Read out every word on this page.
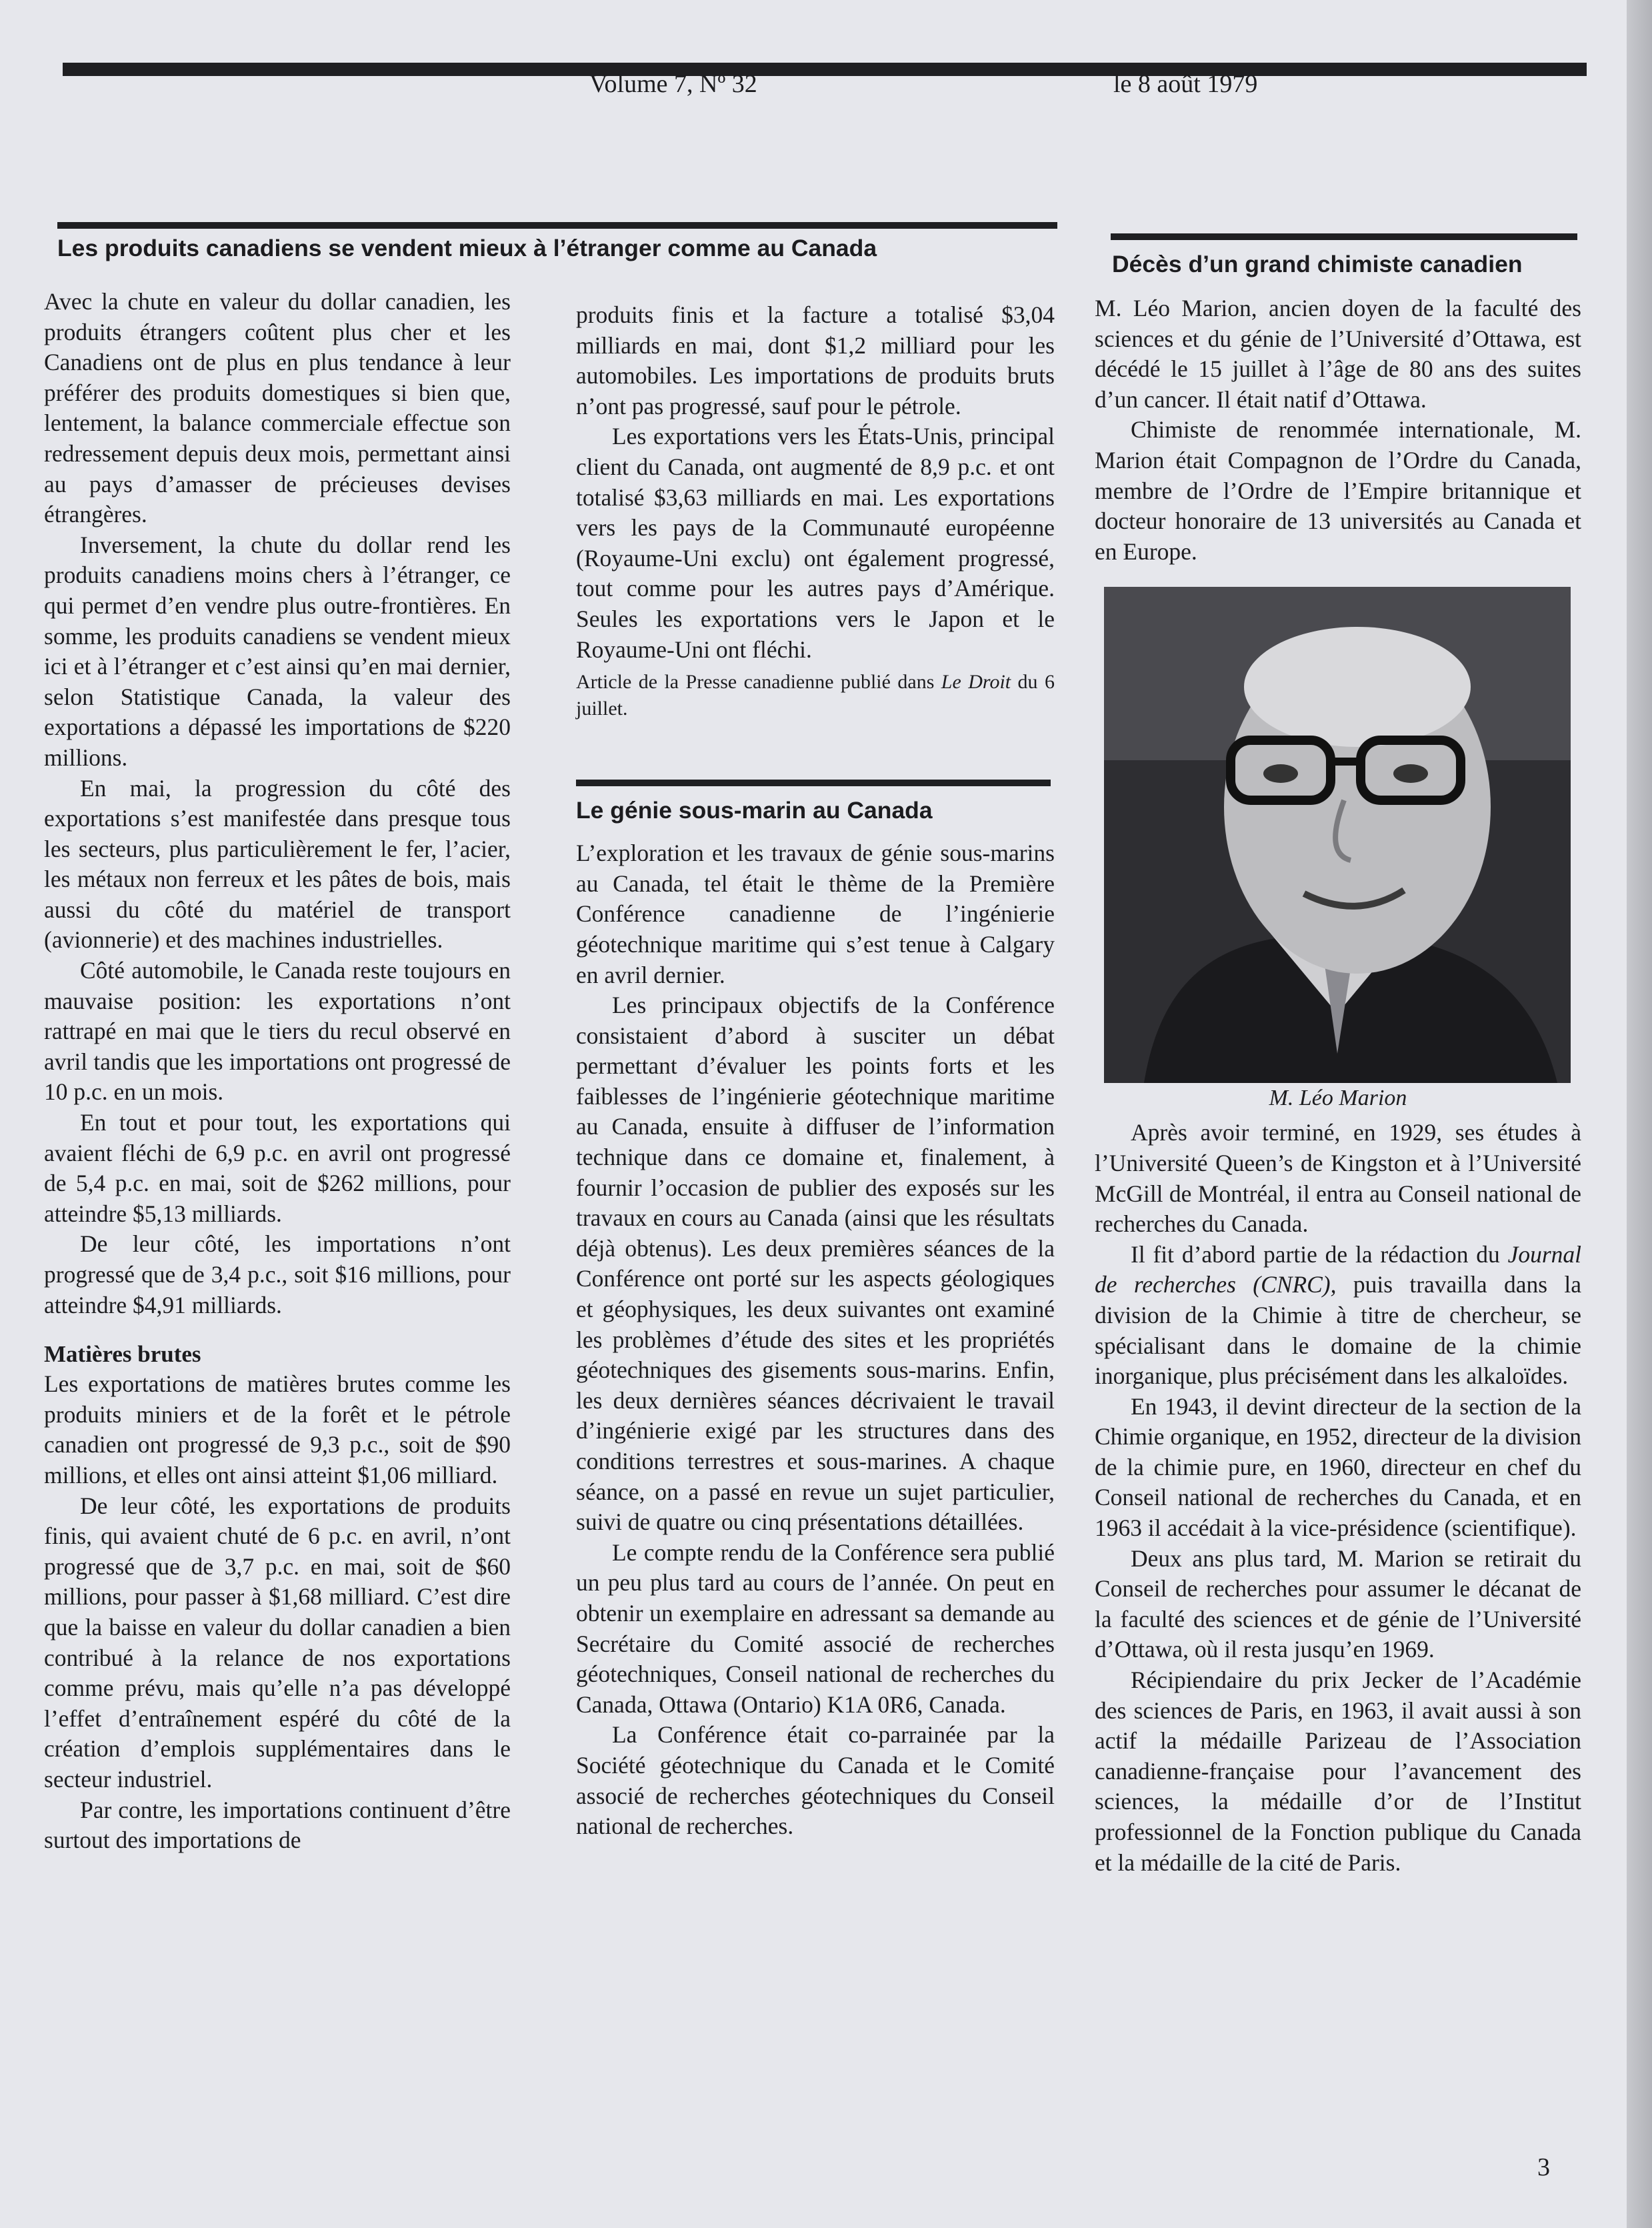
Volume 7, Nº 32	le 8 août 1979
Les produits canadiens se vendent mieux à l’étranger comme au Canada

Avec la chute en valeur du dollar canadien, les produits étrangers coûtent plus cher et les Canadiens ont de plus en plus tendance à leur préférer des produits domestiques si bien que, lentement, la balance commerciale effectue son redressement depuis deux mois, permettant ainsi au pays d’amasser de précieuses devises étrangères.

Inversement, la chute du dollar rend les produits canadiens moins chers à l’étranger, ce qui permet d’en vendre plus outre-frontières. En somme, les produits canadiens se vendent mieux ici et à l’étranger et c’est ainsi qu’en mai dernier, selon Statistique Canada, la valeur des exportations a dépassé les importations de $220 millions.

En mai, la progression du côté des exportations s’est manifestée dans presque tous les secteurs, plus particulièrement le fer, l’acier, les métaux non ferreux et les pâtes de bois, mais aussi du côté du matériel de transport (avionnerie) et des machines industrielles.

Côté automobile, le Canada reste toujours en mauvaise position: les exportations n’ont rattrapé en mai que le tiers du recul observé en avril tandis que les importations ont progressé de 10 p.c. en un mois.

En tout et pour tout, les exportations qui avaient fléchi de 6,9 p.c. en avril ont progressé de 5,4 p.c. en mai, soit de $262 millions, pour atteindre $5,13 milliards.

De leur côté, les importations n’ont progressé que de 3,4 p.c., soit $16 millions, pour atteindre $4,91 milliards.

Matières brutes

Les exportations de matières brutes comme les produits miniers et de la forêt et le pétrole canadien ont progressé de 9,3 p.c., soit de $90 millions, et elles ont ainsi atteint $1,06 milliard.

De leur côté, les exportations de produits finis, qui avaient chuté de 6 p.c. en avril, n’ont progressé que de 3,7 p.c. en mai, soit de $60 millions, pour passer à $1,68 milliard. C’est dire que la baisse en valeur du dollar canadien a bien contribué à la relance de nos exportations comme prévu, mais qu’elle n’a pas développé l’effet d’entraînement espéré du côté de la création d’emplois supplémentaires dans le secteur industriel.

Par contre, les importations continuent d’être surtout des importations de

produits finis et la facture a totalisé $3,04 milliards en mai, dont $1,2 milliard pour les automobiles. Les importations de produits bruts n’ont pas progressé, sauf pour le pétrole.

Les exportations vers les États-Unis, principal client du Canada, ont augmenté de 8,9 p.c. et ont totalisé $3,63 milliards en mai. Les exportations vers les pays de la Communauté européenne (Royaume-Uni exclu) ont également progressé, tout comme pour les autres pays d’Amérique. Seules les exportations vers le Japon et le Royaume-Uni ont fléchi.

Article de la Presse canadienne publié dans Le Droit du 6 juillet.

Le génie sous-marin au Canada

L’exploration et les travaux de génie sous-marins au Canada, tel était le thème de la Première Conférence canadienne de l’ingénierie géotechnique maritime qui s’est tenue à Calgary en avril dernier.

Les principaux objectifs de la Conférence consistaient d’abord à susciter un débat permettant d’évaluer les points forts et les faiblesses de l’ingénierie géotechnique maritime au Canada, ensuite à diffuser de l’information technique dans ce domaine et, finalement, à fournir l’occasion de publier des exposés sur les travaux en cours au Canada (ainsi que les résultats déjà obtenus). Les deux premières séances de la Conférence ont porté sur les aspects géologiques et géophysiques, les deux suivantes ont examiné les problèmes d’étude des sites et les propriétés géotechniques des gisements sous-marins. Enfin, les deux dernières séances décrivaient le travail d’ingénierie exigé par les structures dans des conditions terrestres et sous-marines. A chaque séance, on a passé en revue un sujet particulier, suivi de quatre ou cinq présentations détaillées.

Le compte rendu de la Conférence sera publié un peu plus tard au cours de l’année. On peut en obtenir un exemplaire en adressant sa demande au Secrétaire du Comité associé de recherches géotechniques, Conseil national de recherches du Canada, Ottawa (Ontario) K1A 0R6, Canada.

La Conférence était co-parrainée par la Société géotechnique du Canada et le Comité associé de recherches géotechniques du Conseil national de recherches.

Décès d’un grand chimiste canadien

M. Léo Marion, ancien doyen de la faculté des sciences et du génie de l’Université d’Ottawa, est décédé le 15 juillet à l’âge de 80 ans des suites d’un cancer. Il était natif d’Ottawa.

Chimiste de renommée internationale, M. Marion était Compagnon de l’Ordre du Canada, membre de l’Ordre de l’Empire britannique et docteur honoraire de 13 universités au Canada et en Europe.

M. Léo Marion

Après avoir terminé, en 1929, ses études à l’Université Queen’s de Kingston et à l’Université McGill de Montréal, il entra au Conseil national de recherches du Canada.

Il fit d’abord partie de la rédaction du Journal de recherches (CNRC), puis travailla dans la division de la Chimie à titre de chercheur, se spécialisant dans le domaine de la chimie inorganique, plus précisément dans les alkaloïdes.

En 1943, il devint directeur de la section de la Chimie organique, en 1952, directeur de la division de la chimie pure, en 1960, directeur en chef du Conseil national de recherches du Canada, et en 1963 il accédait à la vice-présidence (scientifique).

Deux ans plus tard, M. Marion se retirait du Conseil de recherches pour assumer le décanat de la faculté des sciences et de génie de l’Université d’Ottawa, où il resta jusqu’en 1969.

Récipiendaire du prix Jecker de l’Académie des sciences de Paris, en 1963, il avait aussi à son actif la médaille Parizeau de l’Association canadienne-française pour l’avancement des sciences, la médaille d’or de l’Institut professionnel de la Fonction publique du Canada et la médaille de la cité de Paris.

3
